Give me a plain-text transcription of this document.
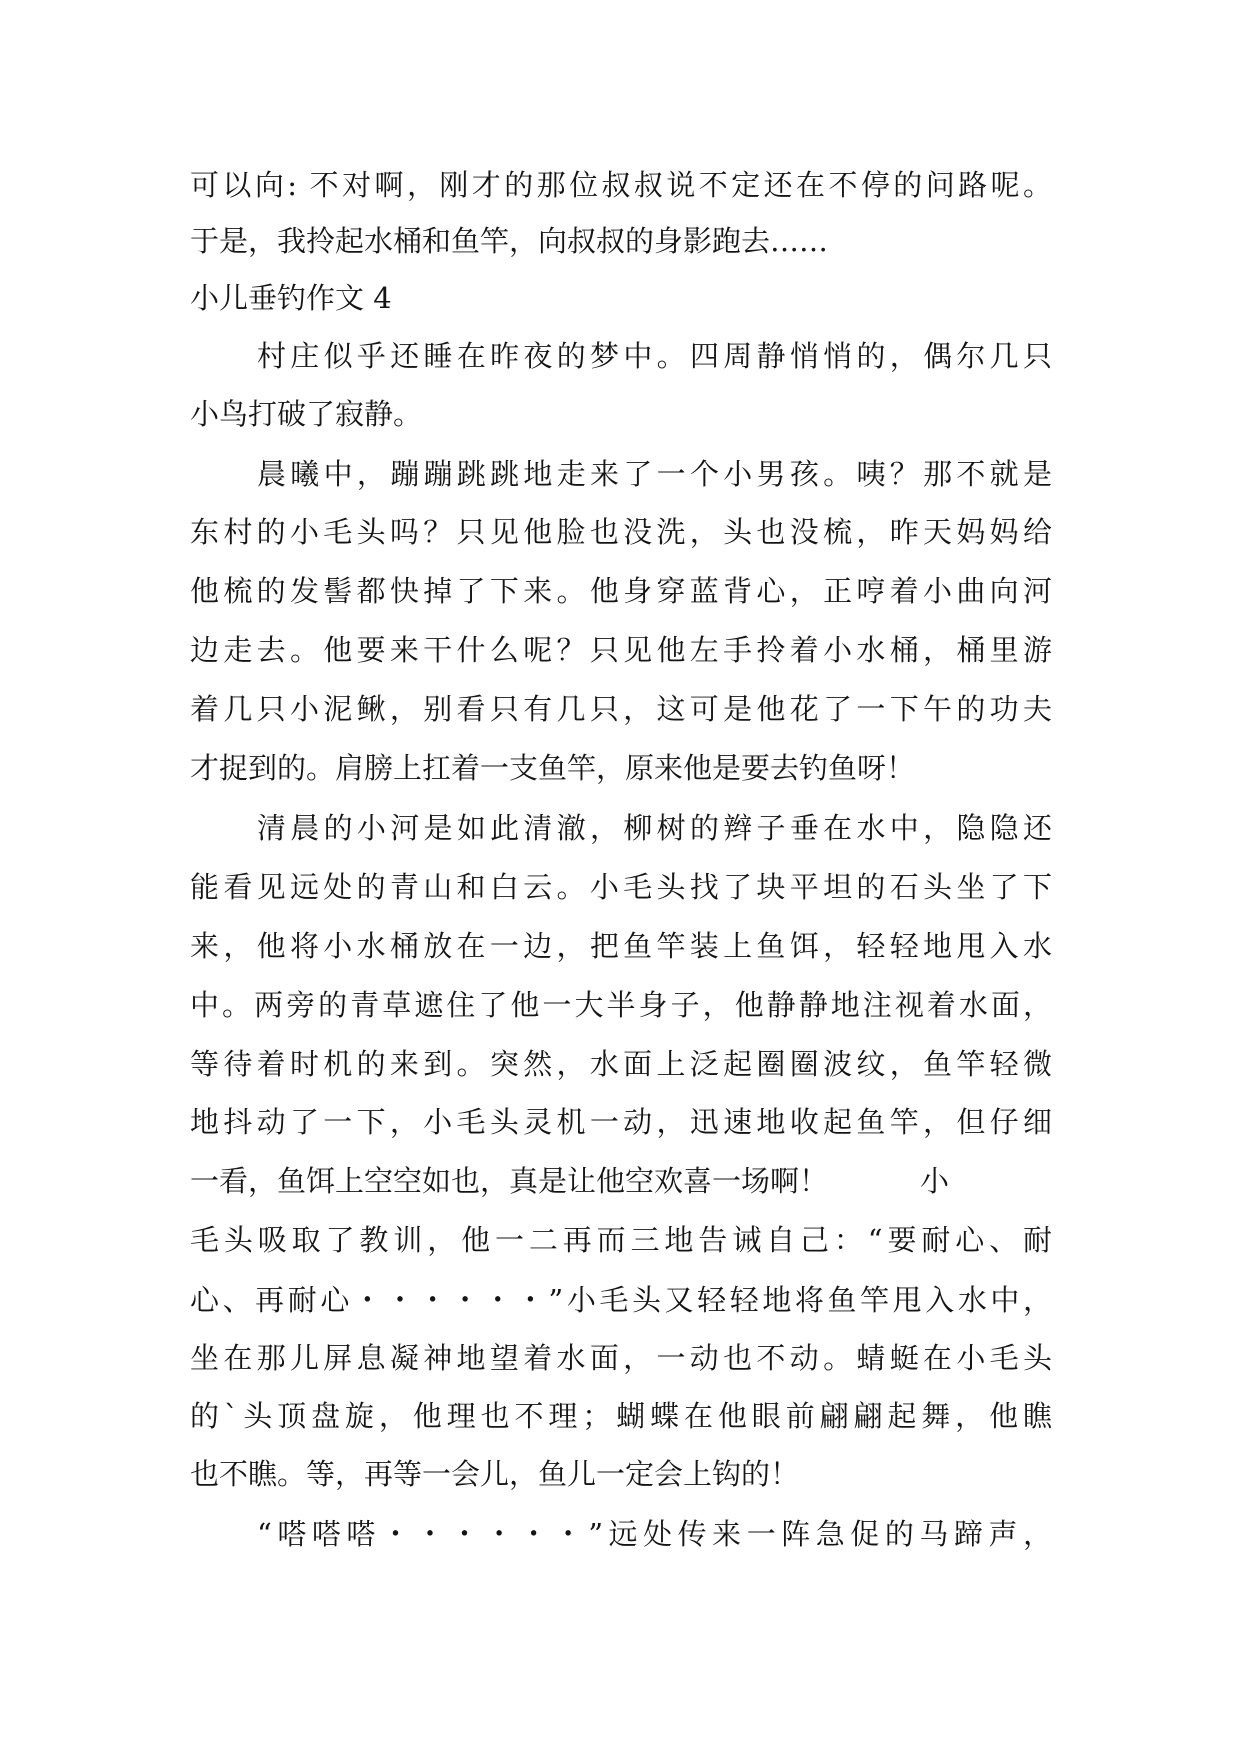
可以向: 不对啊，刚才的那位叔叔说不定还在不停的问路呢。
于是，我拎起水桶和鱼竿，向叔叔的身影跑去……
小儿垂钓作文 4
村庄似乎还睡在昨夜的梦中。四周静悄悄的，偶尔几只
小鸟打破了寂静。
晨曦中，蹦蹦跳跳地走来了一个小男孩。咦？那不就是
东村的小毛头吗？只见他脸也没洗，头也没梳，昨天妈妈给
他梳的发髻都快掉了下来。他身穿蓝背心，正哼着小曲向河
边走去。他要来干什么呢？只见他左手拎着小水桶，桶里游
着几只小泥鳅，别看只有几只，这可是他花了一下午的功夫
才捉到的。肩膀上扛着一支鱼竿，原来他是要去钓鱼呀！
清晨的小河是如此清澈，柳树的辫子垂在水中，隐隐还
能看见远处的青山和白云。小毛头找了块平坦的石头坐了下
来，他将小水桶放在一边，把鱼竿装上鱼饵，轻轻地甩入水
中。两旁的青草遮住了他一大半身子，他静静地注视着水面，
等待着时机的来到。突然，水面上泛起圈圈波纹，鱼竿轻微
地抖动了一下，小毛头灵机一动，迅速地收起鱼竿，但仔细
一看，鱼饵上空空如也，真是让他空欢喜一场啊！	小
毛头吸取了教训，他一二再而三地告诫自己：“要耐心、耐
心、再耐心・・・・・・”小毛头又轻轻地将鱼竿甩入水中，
坐在那儿屏息凝神地望着水面，一动也不动。蜻蜓在小毛头
的`头顶盘旋，他理也不理；蝴蝶在他眼前翩翩起舞，他瞧
也不瞧。等，再等一会儿，鱼儿一定会上钩的！
“嗒嗒嗒・・・・・・”远处传来一阵急促的马蹄声，
